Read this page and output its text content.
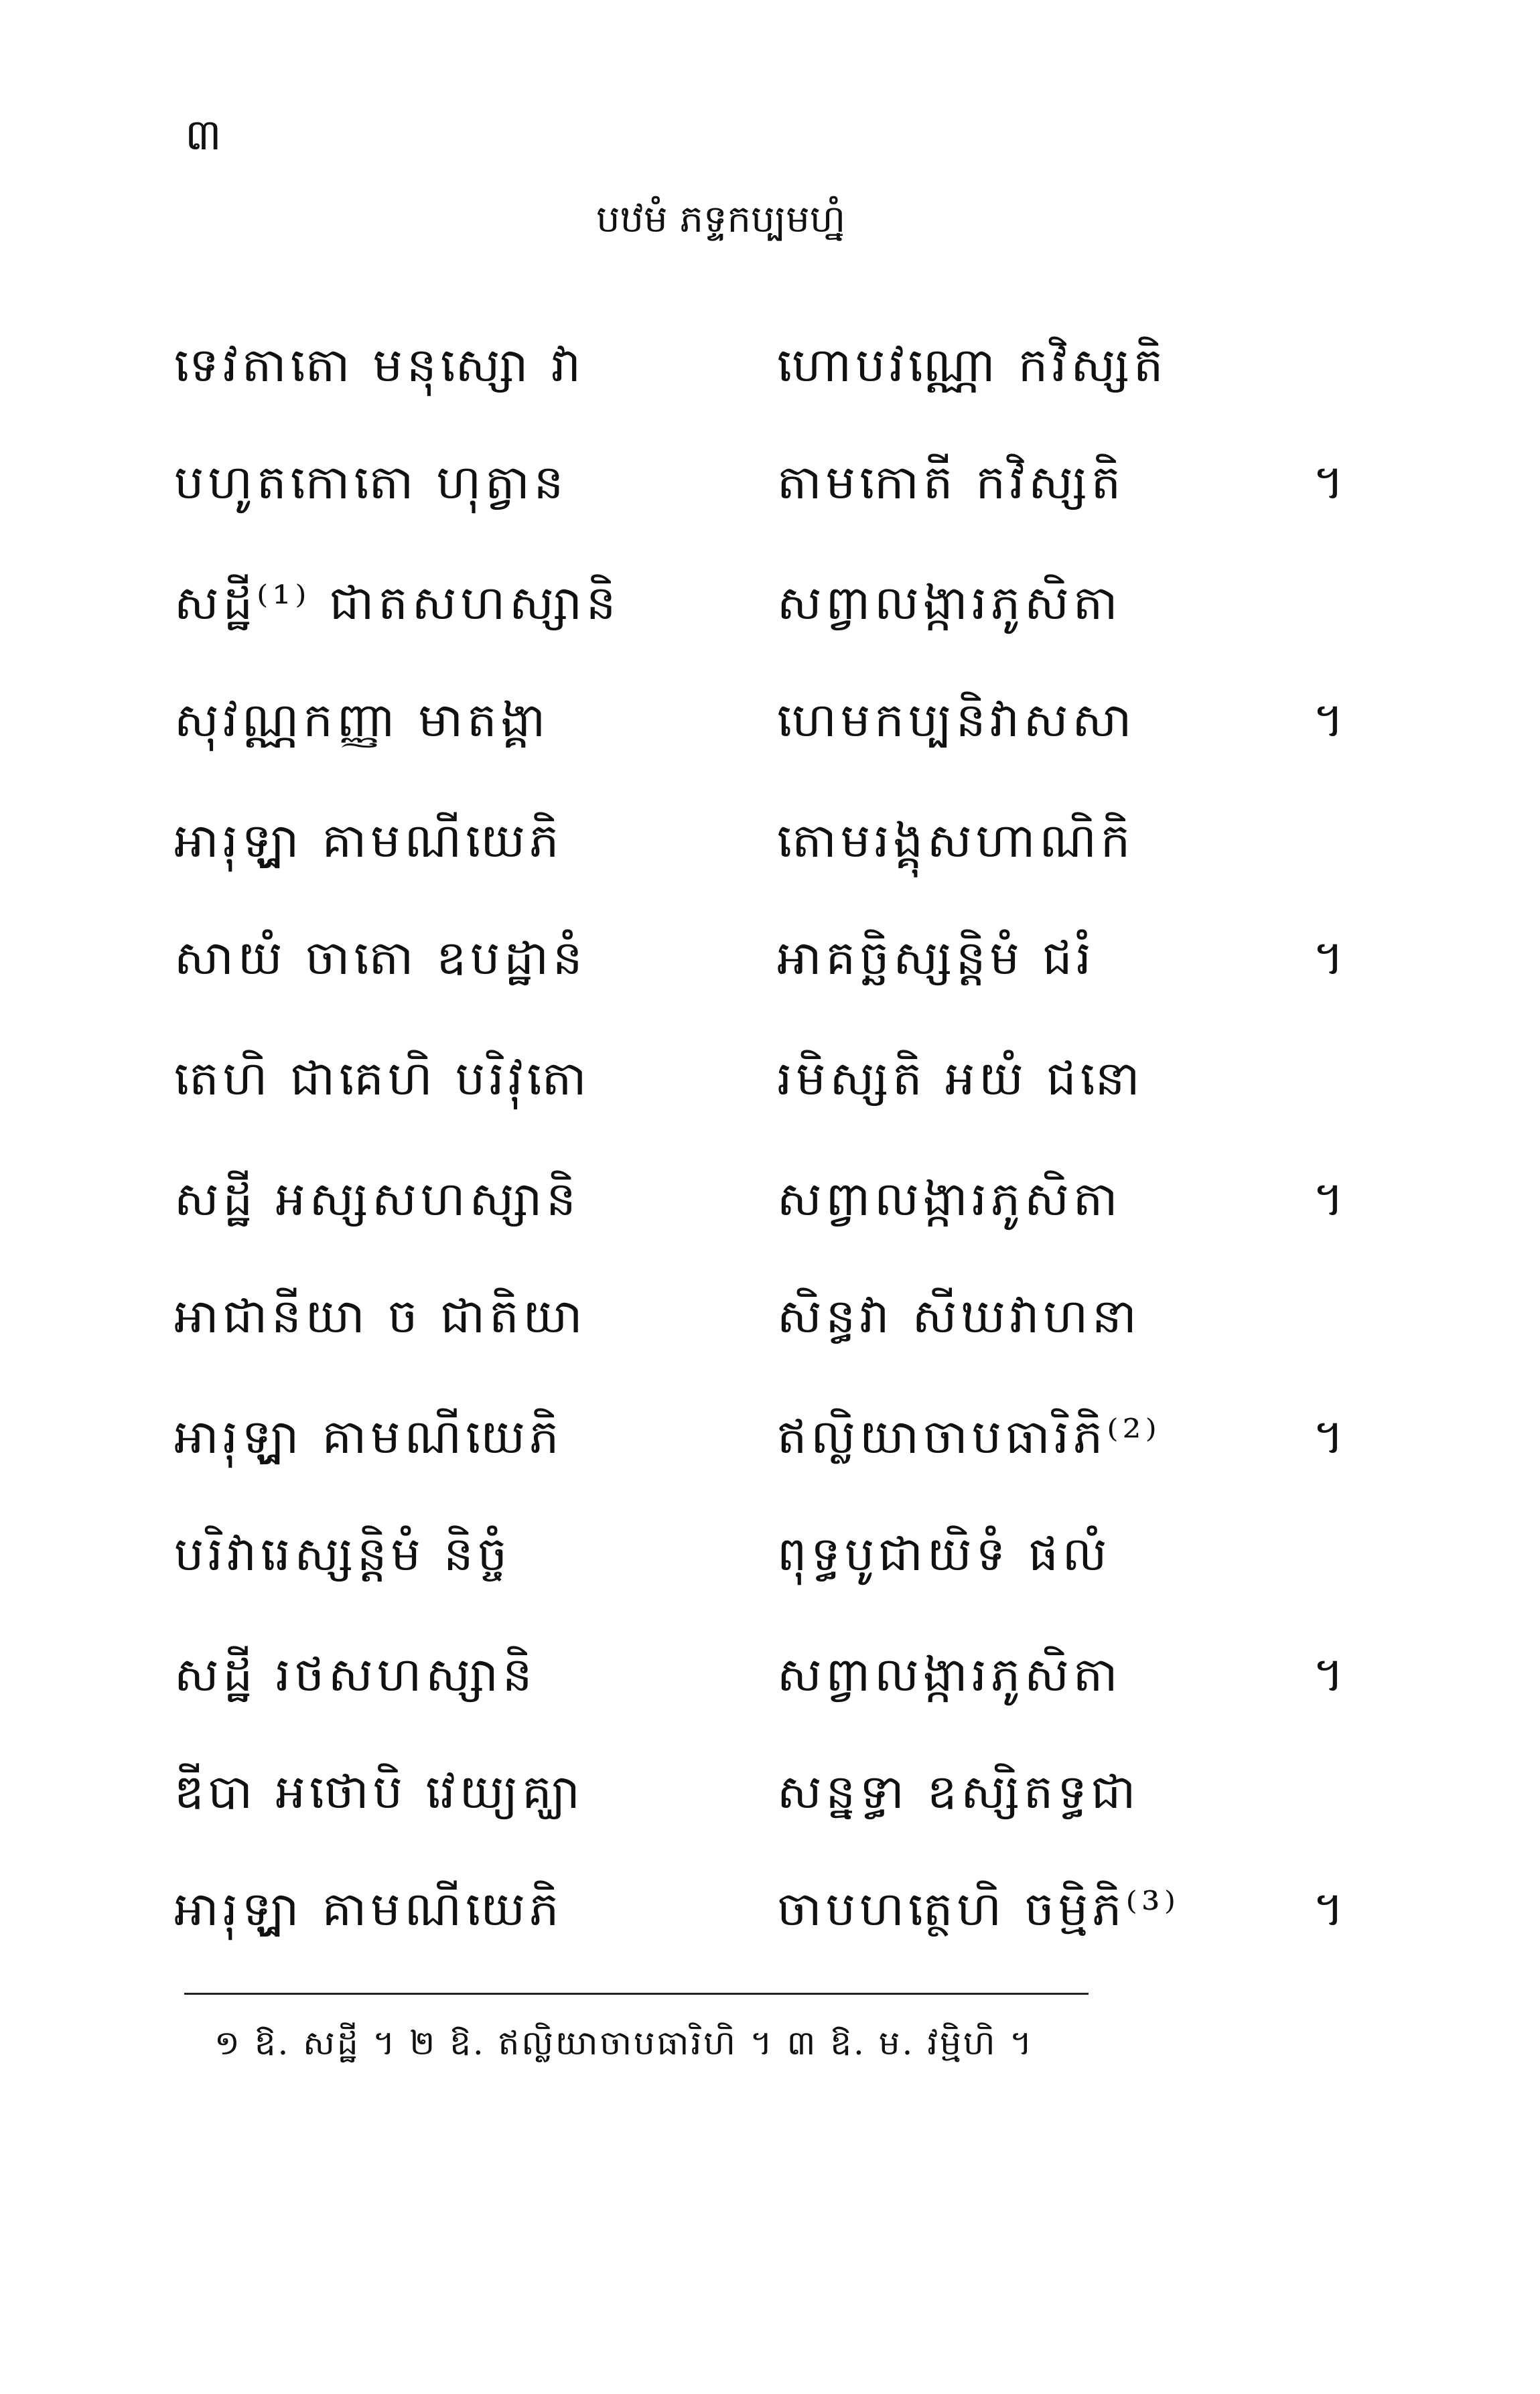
៣
បឋមំ ភទ្ទកប្បមហ្នំ
ទេវតាតោ មនុស្សោ វា	ហោបវណ្ណោ កវិស្សតិ
បហូតកោតោ ហុត្វាន	តាមកោតី កវិស្សតិ	។
សដ្ឋី⁽¹⁾ ជាតសហស្សានិ	សព្វាលង្ការភូសិតា
សុវណ្ណកញ្ញា មាតង្គា	ហេមកប្បនិវាសសា	។
អារុឡ្ហា គាមណីយេភិ	តោមរង្គុសហាណិកិ
សាយំ ចាតោ ឧបដ្ឋានំ	អាគច្ឆិស្សន្តិមំ ជរំ	។
តេហិ ជាគេហិ បរិវុតោ	រមិស្សតិ អយំ ជនោ
សដ្ឋី អស្សសហស្សានិ	សព្វាលង្ការភូសិតា	។
អាជានីយា ច ជាតិយា	សិន្ធវា សីឃវាហនា
អារុឡ្ហា គាមណីយេភិ	ឥល្លិយាចាបធារិភិ⁽²⁾	។
បរិវារេស្សន្តិមំ និច្ចំ	ពុទ្ធបូជាយិទំ ផលំ
សដ្ឋី រថសហស្សានិ	សព្វាលង្ការភូសិតា	។
ឌីបា អថោបិ វេយ្យគ្ឃា	សន្នទ្ធា ឧស្សិតទ្ធជា
អារុឡ្ហា គាមណីយេភិ	ចាបហត្ថេហិ ចម្មិភិ⁽³⁾	។
១ ឱ. សដ្ឋី ។ ២ ឱ. ឥល្លិយាចាបធារិហិ ។ ៣ ឱ. ម. វម្មិហិ ។
